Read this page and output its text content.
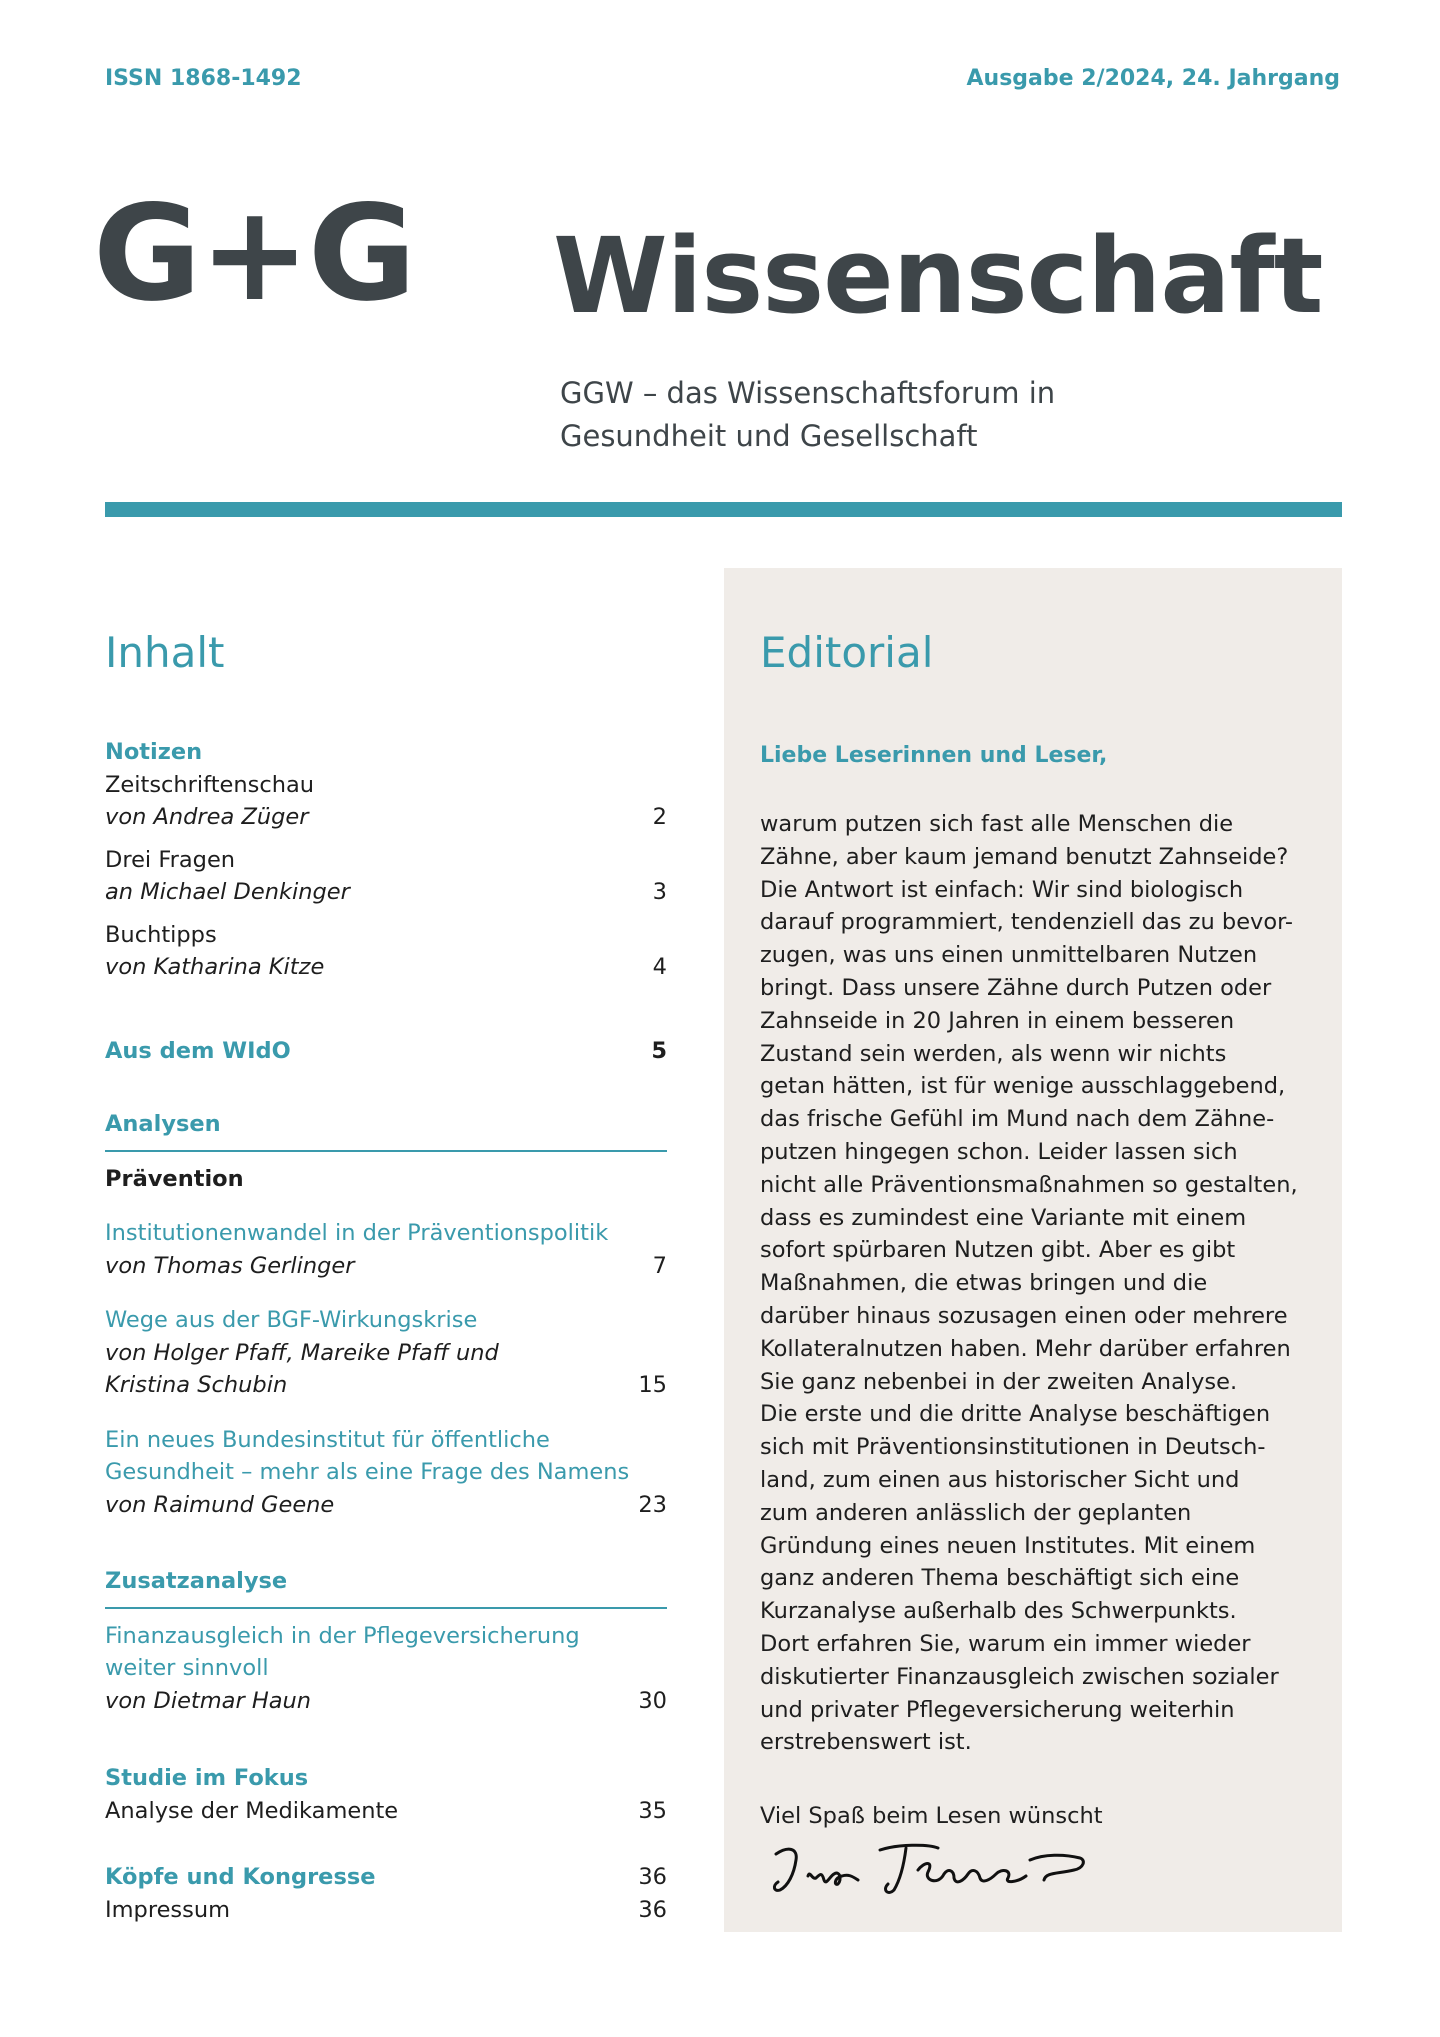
ISSN 1868-1492	Ausgabe 2/2024, 24. Jahrgang
G+G Wissenschaft
GGW – das Wissenschaftsforum in
Gesundheit und Gesellschaft
Inhalt
Notizen
Zeitschriftenschau
von Andrea Züger	2
Drei Fragen
an Michael Denkinger	3
Buchtipps
von Katharina Kitze	4
Aus dem WIdO	5
Analysen
Prävention
Institutionenwandel in der Präventionspolitik
von Thomas Gerlinger	7
Wege aus der BGF-Wirkungskrise
von Holger Pfaff, Mareike Pfaff und
Kristina Schubin	15
Ein neues Bundesinstitut für öffentliche
Gesundheit – mehr als eine Frage des Namens
von Raimund Geene	23
Zusatzanalyse
Finanzausgleich in der Pflegeversicherung
weiter sinnvoll
von Dietmar Haun	30
Studie im Fokus
Analyse der Medikamente	35
Köpfe und Kongresse	36
Impressum	36
Editorial
Liebe Leserinnen und Leser,
warum putzen sich fast alle Menschen die
Zähne, aber kaum jemand benutzt Zahnseide?
Die Antwort ist einfach: Wir sind biologisch
darauf programmiert, tendenziell das zu bevor-
zugen, was uns einen unmittelbaren Nutzen
bringt. Dass unsere Zähne durch Putzen oder
Zahnseide in 20 Jahren in einem besseren
Zustand sein werden, als wenn wir nichts
getan hätten, ist für wenige ausschlaggebend,
das frische Gefühl im Mund nach dem Zähne-
putzen hingegen schon. Leider lassen sich
nicht alle Präventionsmaßnahmen so gestalten,
dass es zumindest eine Variante mit einem
sofort spürbaren Nutzen gibt. Aber es gibt
Maßnahmen, die etwas bringen und die
darüber hinaus sozusagen einen oder mehrere
Kollateralnutzen haben. Mehr darüber erfahren
Sie ganz nebenbei in der zweiten Analyse.
Die erste und die dritte Analyse beschäftigen
sich mit Präventionsinstitutionen in Deutsch-
land, zum einen aus historischer Sicht und
zum anderen anlässlich der geplanten
Gründung eines neuen Institutes. Mit einem
ganz anderen Thema beschäftigt sich eine
Kurzanalyse außerhalb des Schwerpunkts.
Dort erfahren Sie, warum ein immer wieder
diskutierter Finanzausgleich zwischen sozialer
und privater Pflegeversicherung weiterhin
erstrebenswert ist.
Viel Spaß beim Lesen wünscht
